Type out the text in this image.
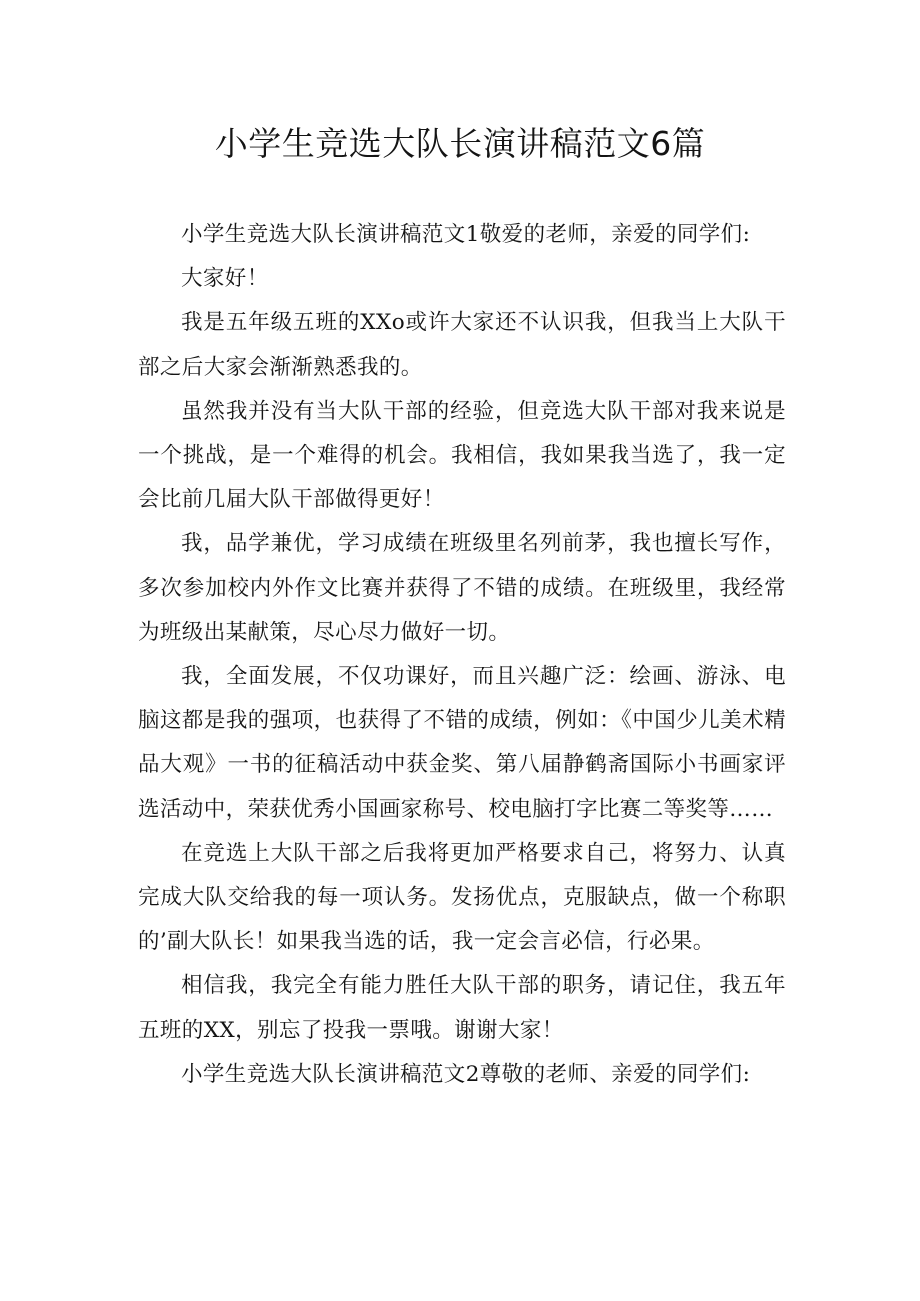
小学生竞选大队长演讲稿范文6篇

小学生竞选大队长演讲稿范文1敬爱的老师，亲爱的同学们:

大家好！

我是五年级五班的XXo或许大家还不认识我，但我当上大队干部之后大家会渐渐熟悉我的。

虽然我并没有当大队干部的经验，但竞选大队干部对我来说是一个挑战，是一个难得的机会。我相信，我如果我当选了，我一定会比前几届大队干部做得更好！

我，品学兼优，学习成绩在班级里名列前茅，我也擅长写作，多次参加校内外作文比赛并获得了不错的成绩。在班级里，我经常为班级出某献策，尽心尽力做好一切。

我，全面发展，不仅功课好，而且兴趣广泛：绘画、游泳、电脑这都是我的强项，也获得了不错的成绩，例如：《中国少儿美术精品大观》一书的征稿活动中获金奖、第八届静鹤斋国际小书画家评选活动中，荣获优秀小国画家称号、校电脑打字比赛二等奖等……

在竞选上大队干部之后我将更加严格要求自己，将努力、认真完成大队交给我的每一项认务。发扬优点，克服缺点，做一个称职的’副大队长！如果我当选的话，我一定会言必信，行必果。

相信我，我完全有能力胜任大队干部的职务，请记住，我五年五班的XX，别忘了投我一票哦。谢谢大家！

小学生竞选大队长演讲稿范文2尊敬的老师、亲爱的同学们:
